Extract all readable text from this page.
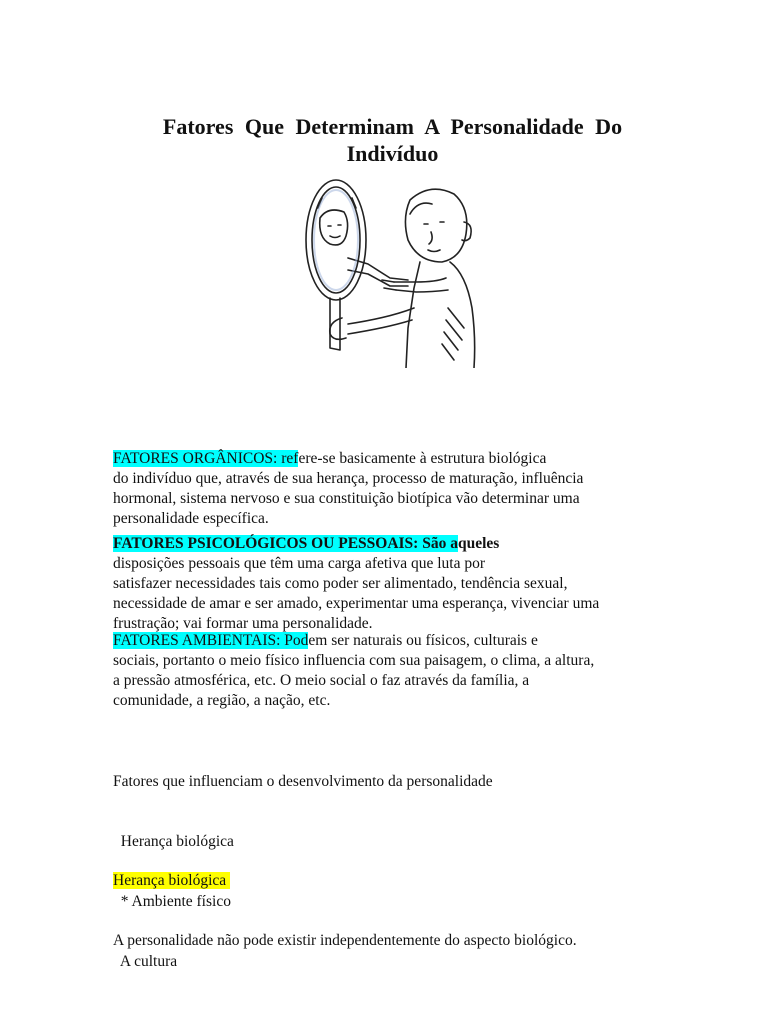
Fatores Que Determinam A Personalidade Do
Indivíduo
FATORES ORGÂNICOS: refere-se basicamente à estrutura biológica
do indivíduo que, através de sua herança, processo de maturação, influência
hormonal, sistema nervoso e sua constituição biotípica vão determinar uma
personalidade específica.
FATORES PSICOLÓGICOS OU PESSOAIS: São aqueles
disposições pessoais que têm uma carga afetiva que luta por
satisfazer necessidades tais como poder ser alimentado, tendência sexual,
necessidade de amar e ser amado, experimentar uma esperança, vivenciar uma
frustração; vai formar uma personalidade.
FATORES AMBIENTAIS: Podem ser naturais ou físicos, culturais e
sociais, portanto o meio físico influencia com sua paisagem, o clima, a altura,
a pressão atmosférica, etc. O meio social o faz através da família, a
comunidade, a região, a nação, etc.

Fatores que influenciam o desenvolvimento da personalidade

Herança biológica

* Ambiente físico

A cultura

Herança biológica

A personalidade não pode existir independentemente do aspecto biológico.
